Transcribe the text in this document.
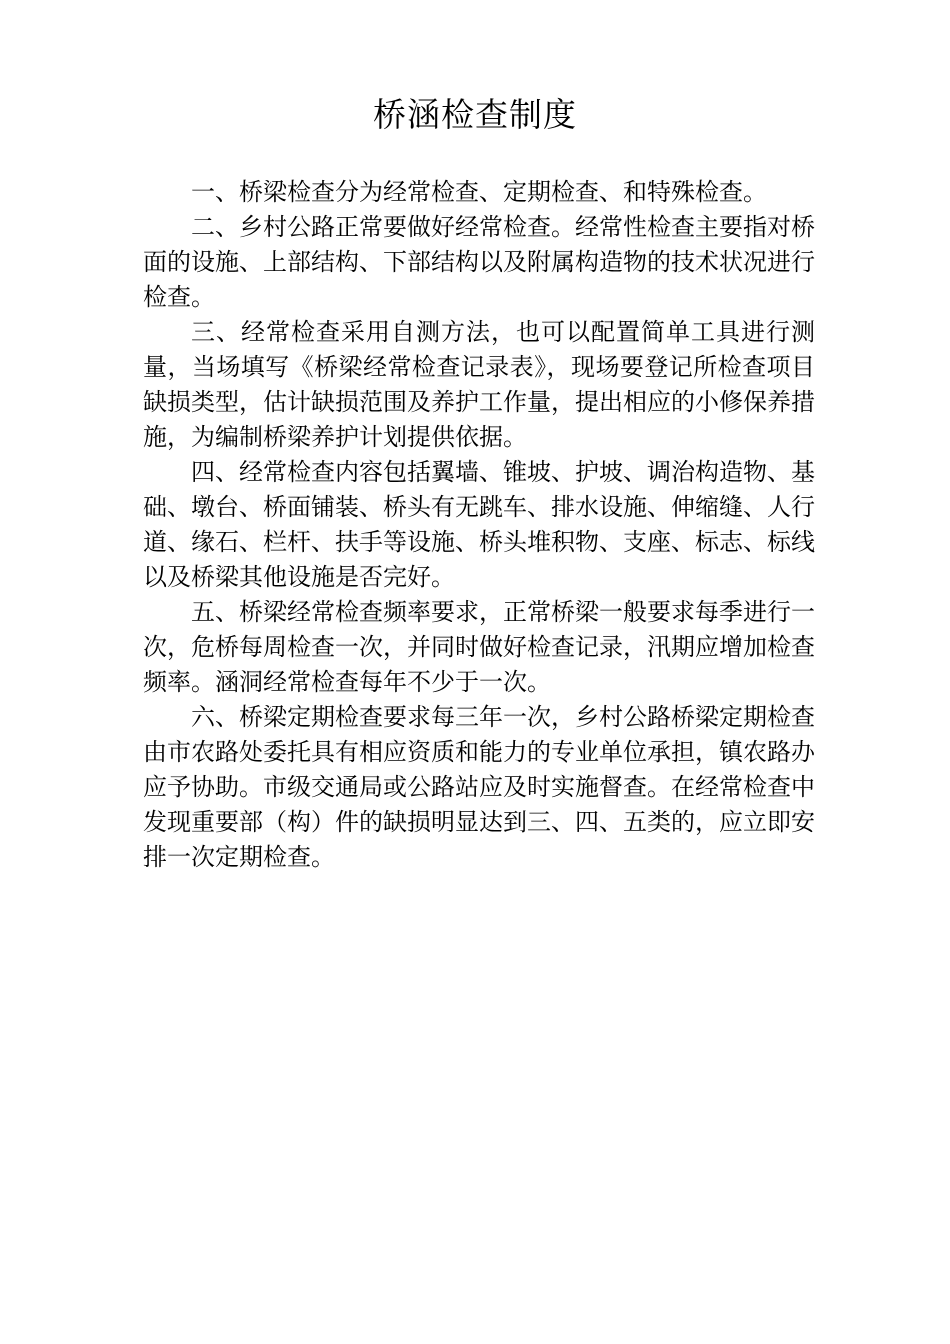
桥涵检查制度

一、桥梁检查分为经常检查、定期检查、和特殊检查。

二、乡村公路正常要做好经常检查。经常性检查主要指对桥面的设施、上部结构、下部结构以及附属构造物的技术状况进行检查。

三、经常检查采用自测方法，也可以配置简单工具进行测量，当场填写《桥梁经常检查记录表》，现场要登记所检查项目缺损类型，估计缺损范围及养护工作量，提出相应的小修保养措施，为编制桥梁养护计划提供依据。

四、经常检查内容包括翼墙、锥坡、护坡、调治构造物、基础、墩台、桥面铺装、桥头有无跳车、排水设施、伸缩缝、人行道、缘石、栏杆、扶手等设施、桥头堆积物、支座、标志、标线以及桥梁其他设施是否完好。

五、桥梁经常检查频率要求，正常桥梁一般要求每季进行一次，危桥每周检查一次，并同时做好检查记录，汛期应增加检查频率。涵洞经常检查每年不少于一次。

六、桥梁定期检查要求每三年一次，乡村公路桥梁定期检查由市农路处委托具有相应资质和能力的专业单位承担，镇农路办应予协助。市级交通局或公路站应及时实施督查。在经常检查中发现重要部（构）件的缺损明显达到三、四、五类的，应立即安排一次定期检查。
